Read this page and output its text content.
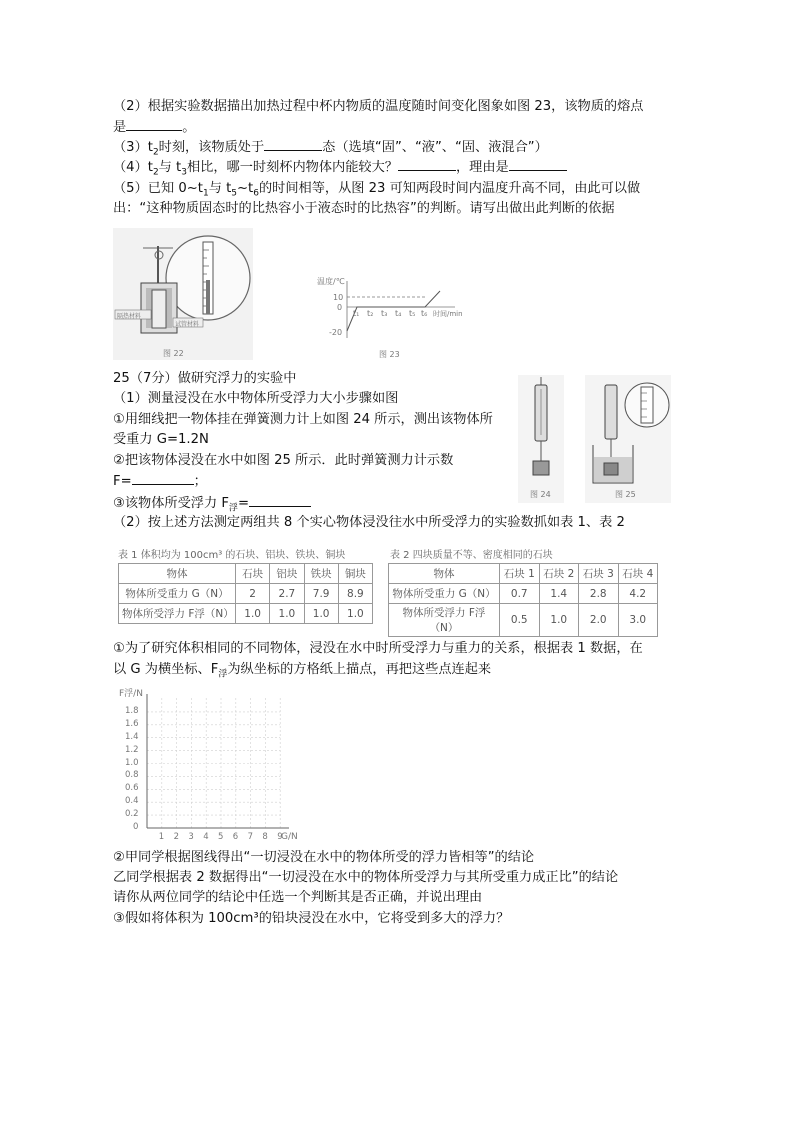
（2）根据实验数据描出加热过程中杯内物质的温度随时间变化图象如图 23，该物质的熔点
是	。
$(3)t_2$时刻，该物质处于	态（选填“固”、“液”、“固、液混合”）
$(4)t_2$与 $t_3$相比，哪一时刻杯内物体内能较大？	，理由是
（5）已知 $0\sim t_1$与 $t_5\sim t_6$的时间相等，从图 23 可知两段时间内温度升高不同，由此可以做
出：“这种物质固态时的比热容小于液态时的比热容”的判断。请写出做出此判断的依据
隔热材料
试管材料
图 22
温度/℃
10
0
-20
t₁ t₂ t₃ t₄ t₅ t₆ 时间/min
图 23
25（7分）做研究浮力的实验中
（1）测量浸没在水中物体所受浮力大小步骤如图
①用细线把一物体挂在弹簧测力计上如图 24 所示，测出该物体所
受重力 G=1.2N
②把该物体浸没在水中如图 25 所示．此时弹簧测力计示数
F=	；
③该物体所受浮力 $F_浮=$
图 24	图 25
（2）按上述方法测定两组共 8 个实心物体浸没往水中所受浮力的实验数抓如表 1、表 2
表 1 体积均为 100cm³ 的石块、铝块、铁块、铜块
物体	石块	铝块	铁块	铜块
物体所受重力 G（N）	2	2.7	7.9	8.9
物体所受浮力 F浮（N）	1.0	1.0	1.0	1.0
表 2 四块质量不等、密度相同的石块
物体	石块 1	石块 2	石块 3	石块 4
物体所受重力 G（N）	0.7	1.4	2.8	4.2
物体所受浮力 F浮（N）	0.5	1.0	2.0	3.0
①为了研究体积相同的不同物体，浸没在水中时所受浮力与重力的关系，根据表 1 数据，在
以 G 为横坐标、$F_浮$为纵坐标的方格纸上描点，再把这些点连起来
F浮/N
G/N
1.8
1.6
1.4
1.2
1.0
0.8
0.6
0.4
0.2
0
1 2 3 4 5 6 7 8 9
②甲同学根据图线得出“一切浸没在水中的物体所受的浮力皆相等”的结论
乙同学根据表 2 数据得出“一切浸没在水中的物体所受浮力与其所受重力成正比”的结论
请你从两位同学的结论中任选一个判断其是否正确，并说出理由
③假如将体积为 100cm³的铅块浸没在水中，它将受到多大的浮力？
